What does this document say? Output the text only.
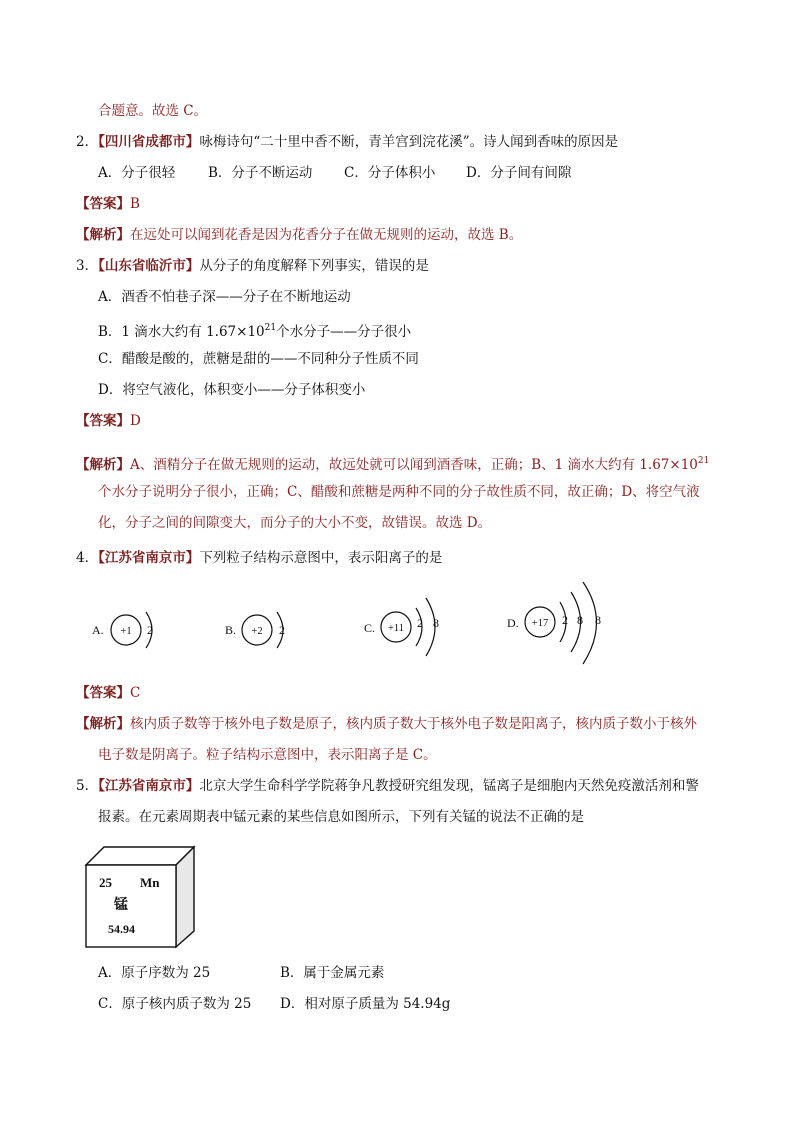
合题意。故选 C。
2．【四川省成都市】咏梅诗句“二十里中香不断，青羊宫到浣花溪”。诗人闻到香味的原因是
A．分子很轻 B．分子不断运动 C．分子体积小 D．分子间有间隙
【答案】B
【解析】在远处可以闻到花香是因为花香分子在做无规则的运动，故选 B。
3．【山东省临沂市】从分子的角度解释下列事实，错误的是
A．酒香不怕巷子深——分子在不断地运动
B．1 滴水大约有 $1.67\times 10^{21}$个水分子——分子很小
C．醋酸是酸的，蔗糖是甜的——不同种分子性质不同
D．将空气液化，体积变小——分子体积变小
【答案】D
【解析】A、酒精分子在做无规则的运动，故远处就可以闻到酒香味，正确；B、1 滴水大约有 $1.67\times 10^{21}$
个水分子说明分子很小，正确；C、醋酸和蔗糖是两种不同的分子故性质不同，故正确；D、将空气液
化，分子之间的间隙变大，而分子的大小不变，故错误。故选 D。
4．【江苏省南京市】下列粒子结构示意图中，表示阳离子的是
A. +1 2	B. +2 2	C. +11 2 8	D. +17 2 8 8
【答案】C
【解析】核内质子数等于核外电子数是原子，核内质子数大于核外电子数是阳离子，核内质子数小于核外
电子数是阴离子。粒子结构示意图中，表示阳离子是 C。
5．【江苏省南京市】北京大学生命科学学院蒋争凡教授研究组发现，锰离子是细胞内天然免疫激活剂和警
报素。在元素周期表中锰元素的某些信息如图所示，下列有关锰的说法不正确的是
25 Mn
锰
54.94
A．原子序数为 25	B．属于金属元素
C．原子核内质子数为 25 D．相对原子质量为 54.94g
